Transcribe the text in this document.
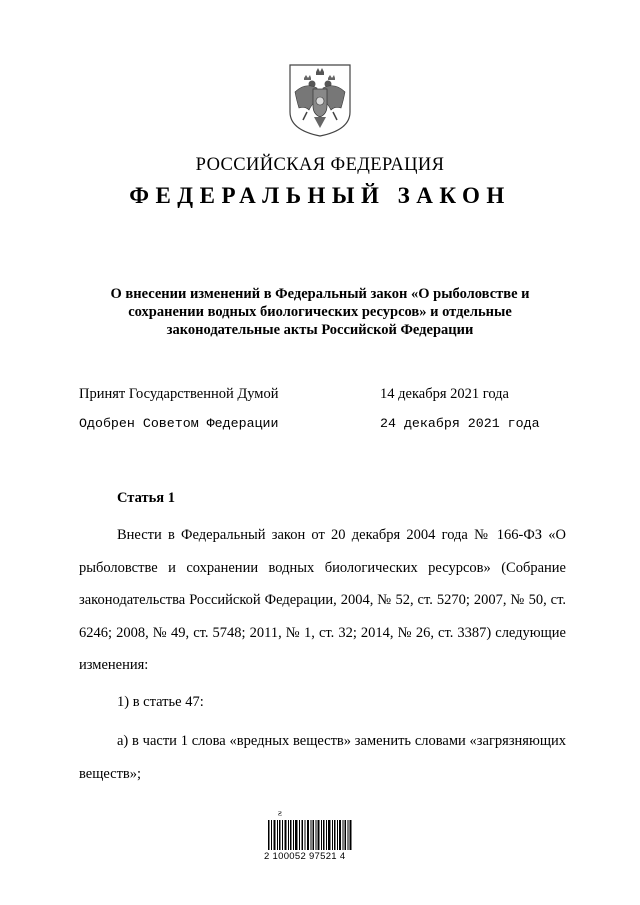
РОССИЙСКАЯ ФЕДЕРАЦИЯ
ФЕДЕРАЛЬНЫЙ ЗАКОН
О внесении изменений в Федеральный закон «О рыболовстве и
сохранении водных биологических ресурсов» и отдельные
законодательные акты Российской Федерации
Принят Государственной Думой	14 декабря 2021 года
Одобрен Советом Федерации	24 декабря 2021 года
Статья 1

Внести в Федеральный закон от 20 декабря 2004 года № 166-ФЗ «О рыболовстве и сохранении водных биологических ресурсов» (Собрание законодательства Российской Федерации, 2004, № 52, ст. 5270; 2007, № 50, ст. 6246; 2008, № 49, ст. 5748; 2011, № 1, ст. 32; 2014, № 26, ст. 3387) следующие изменения:

1) в статье 47:

а) в части 1 слова «вредных веществ» заменить словами «загрязняющих веществ»;

Ƨ
2 100052 97521 4
